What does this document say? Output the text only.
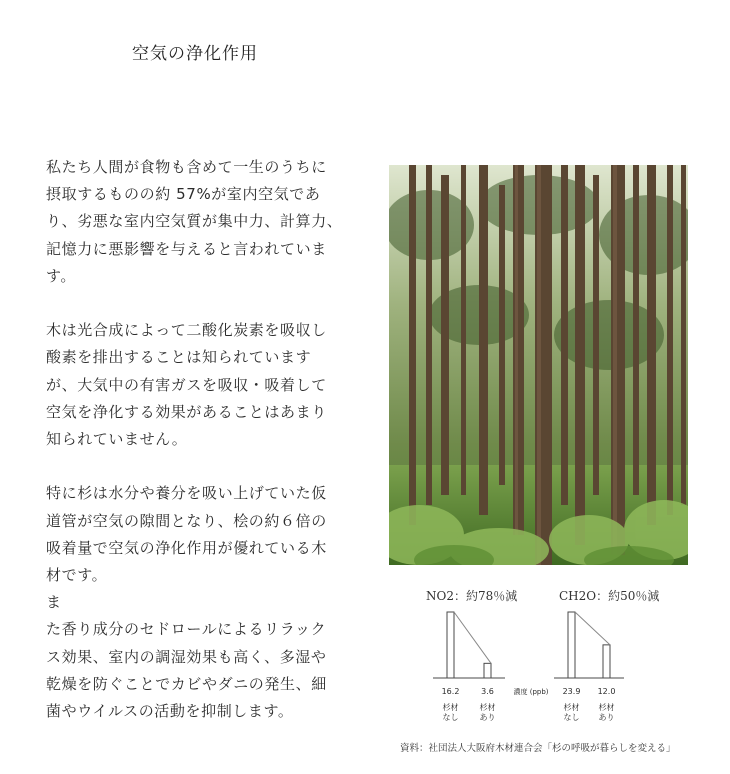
空気の浄化作用
私たち人間が食物も含めて一生のうちに
摂取するものの約 57%が室内空気であ
り、劣悪な室内空気質が集中力、計算力、
記憶力に悪影響を与えると言われていま
す。
木は光合成によって二酸化炭素を吸収し
酸素を排出することは知られています
が、大気中の有害ガスを吸収・吸着して
空気を浄化する効果があることはあまり
知られていません。
特に杉は水分や養分を吸い上げていた仮
道管が空気の隙間となり、桧の約６倍の
吸着量で空気の浄化作用が優れている木
材です。
ま
た香り成分のセドロールによるリラック
ス効果、室内の調湿効果も高く、多湿や
乾燥を防ぐことでカビやダニの発生、細
菌やウイルスの活動を抑制します。
NO2：約78％減	CH2O：約50％減
16.2
杉材
なし
3.6
杉材
あり
濃度 (ppb) 23.9
杉材
なし
12.0
杉材
あり
資料：社団法人大阪府木材連合会「杉の呼吸が暮らしを変える」
